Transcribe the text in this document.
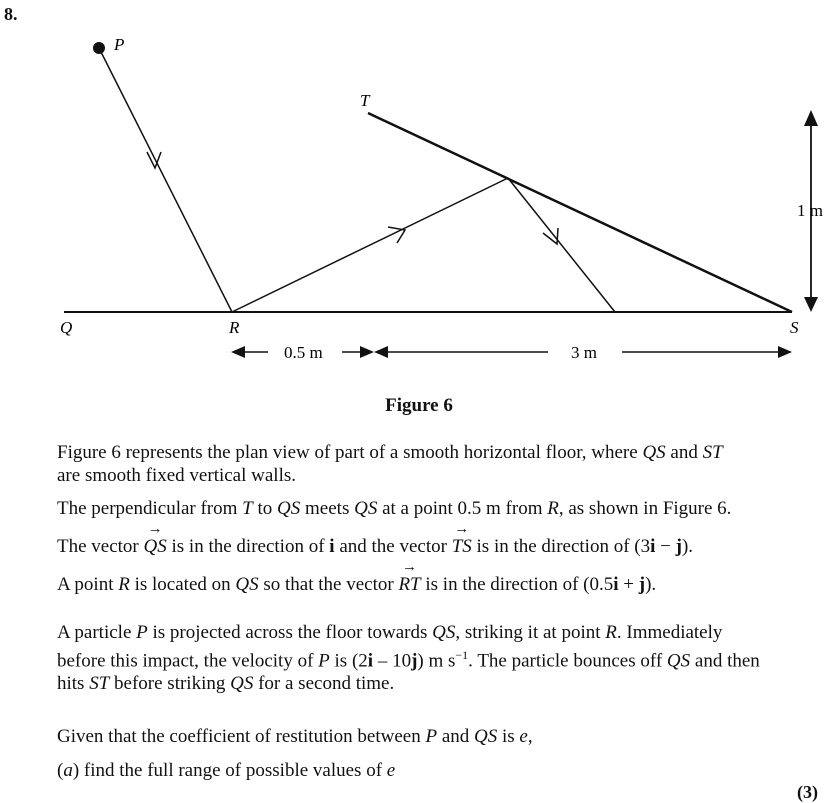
8.
P
T
Q	R	S
1 m
0.5 m	3 m
Figure 6
Figure 6 represents the plan view of part of a smooth horizontal floor, where QS and ST
are smooth fixed vertical walls.
The perpendicular from T to QS meets QS at a point 0.5 m from R, as shown in Figure 6.
The vector
→
QS is in the direction of i and the vector
→
TS is in the direction of (3i − j).
A point R is located on QS so that the vector
→
RT is in the direction of (0.5i + j).
A particle P is projected across the floor towards QS, striking it at point R. Immediately
before this impact, the velocity of P is (2i – 10j) m $s^{-1}$. The particle bounces off QS and then
hits ST before striking QS for a second time.
Given that the coefficient of restitution between P and QS is e,
(a) find the full range of possible values of e
(3)
